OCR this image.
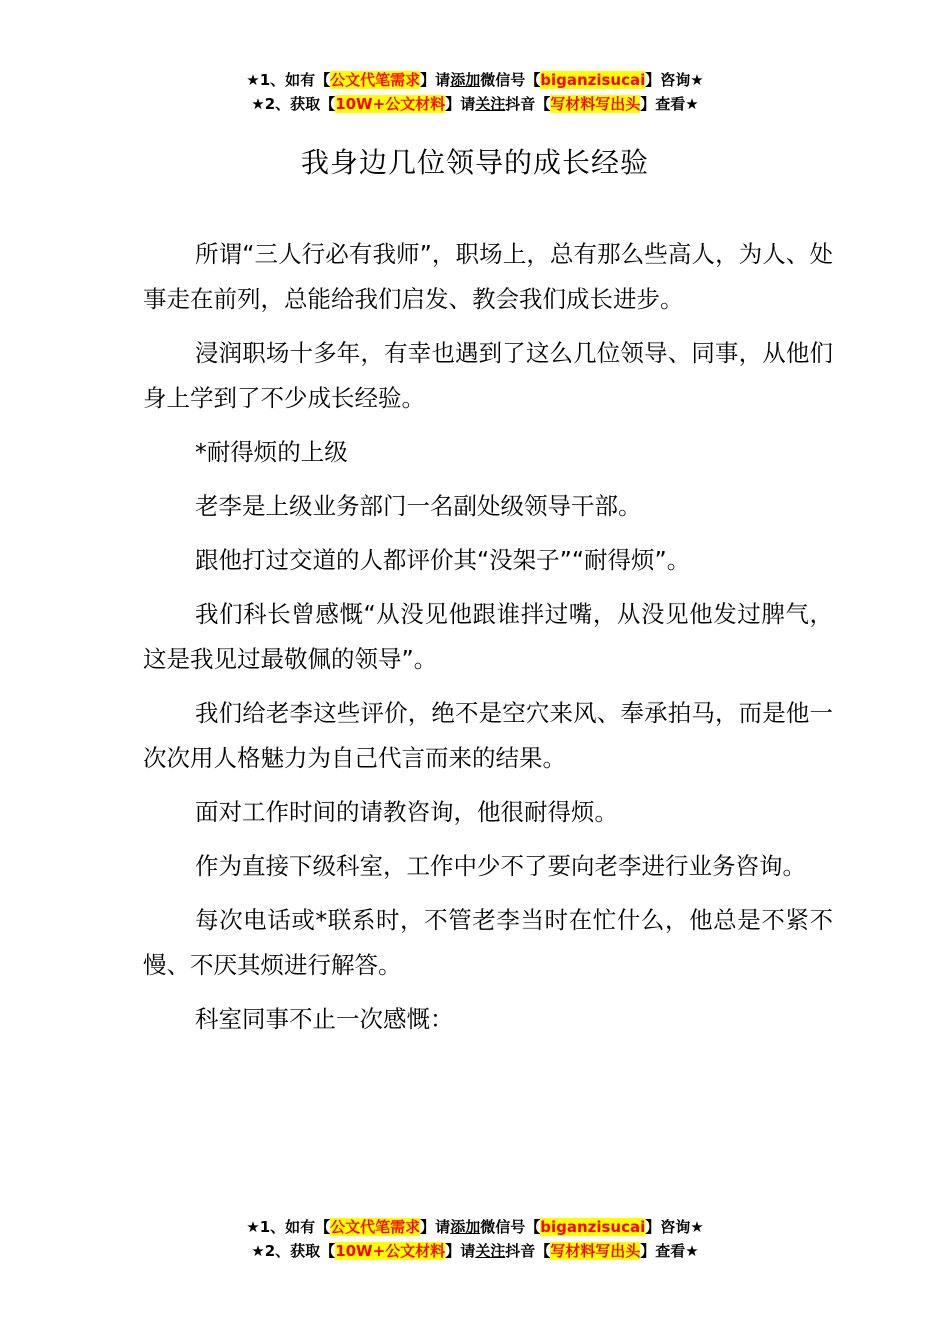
★1、如有【公文代笔需求】请添加微信号【biganzisucai】咨询★
★2、获取【10W+公文材料】请关注抖音【写材料写出头】查看★
我身边几位领导的成长经验

所谓“三人行必有我师”，职场上，总有那么些高人，为人、处事走在前列，总能给我们启发、教会我们成长进步。

浸润职场十多年，有幸也遇到了这么几位领导、同事，从他们身上学到了不少成长经验。

*耐得烦的上级

老李是上级业务部门一名副处级领导干部。

跟他打过交道的人都评价其“没架子”“耐得烦”。

我们科长曾感慨“从没见他跟谁拌过嘴，从没见他发过脾气，这是我见过最敬佩的领导”。

我们给老李这些评价，绝不是空穴来风、奉承拍马，而是他一次次用人格魅力为自己代言而来的结果。

面对工作时间的请教咨询，他很耐得烦。

作为直接下级科室，工作中少不了要向老李进行业务咨询。

每次电话或*联系时，不管老李当时在忙什么，他总是不紧不慢、不厌其烦进行解答。

科室同事不止一次感慨：

★1、如有【公文代笔需求】请添加微信号【biganzisucai】咨询★
★2、获取【10W+公文材料】请关注抖音【写材料写出头】查看★
